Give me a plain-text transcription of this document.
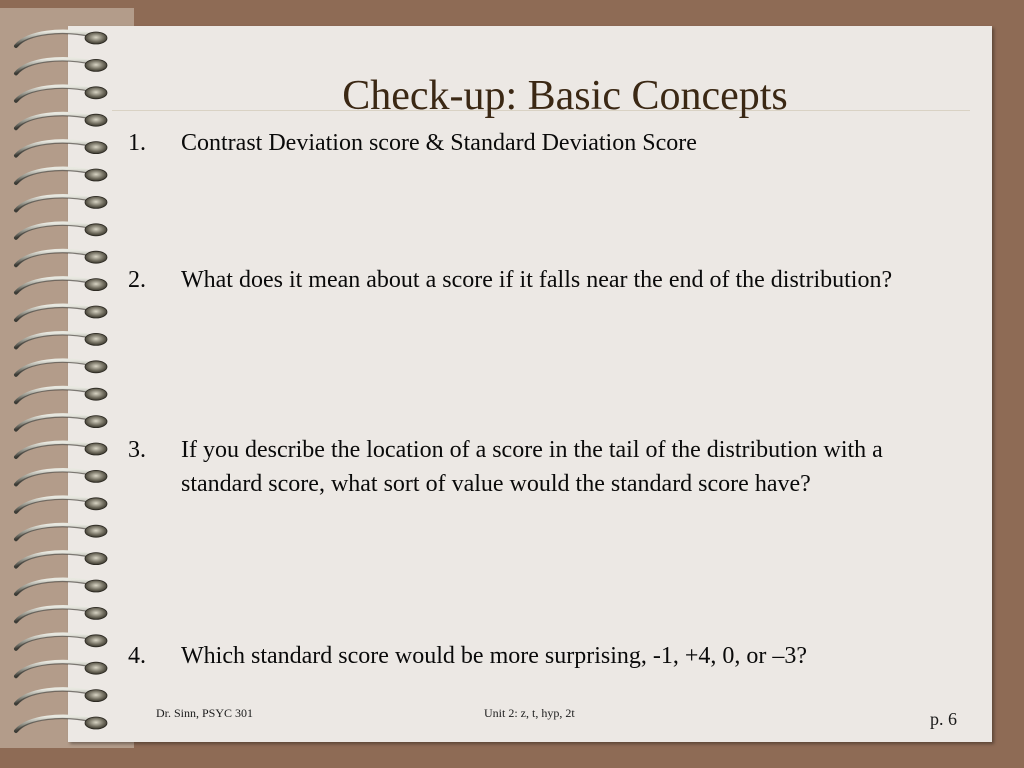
Check-up: Basic Concepts
1.	Contrast Deviation score & Standard Deviation Score
2.	What does it mean about a score if it falls near the end of the distribution?
3.	If you describe the location of a score in the tail of the distribution with a standard score, what sort of value would the standard score have?
4.	Which standard score would be more surprising, -1, +4, 0, or –3?
Dr. Sinn, PSYC 301	Unit 2: z, t, hyp, 2t	p. 6
